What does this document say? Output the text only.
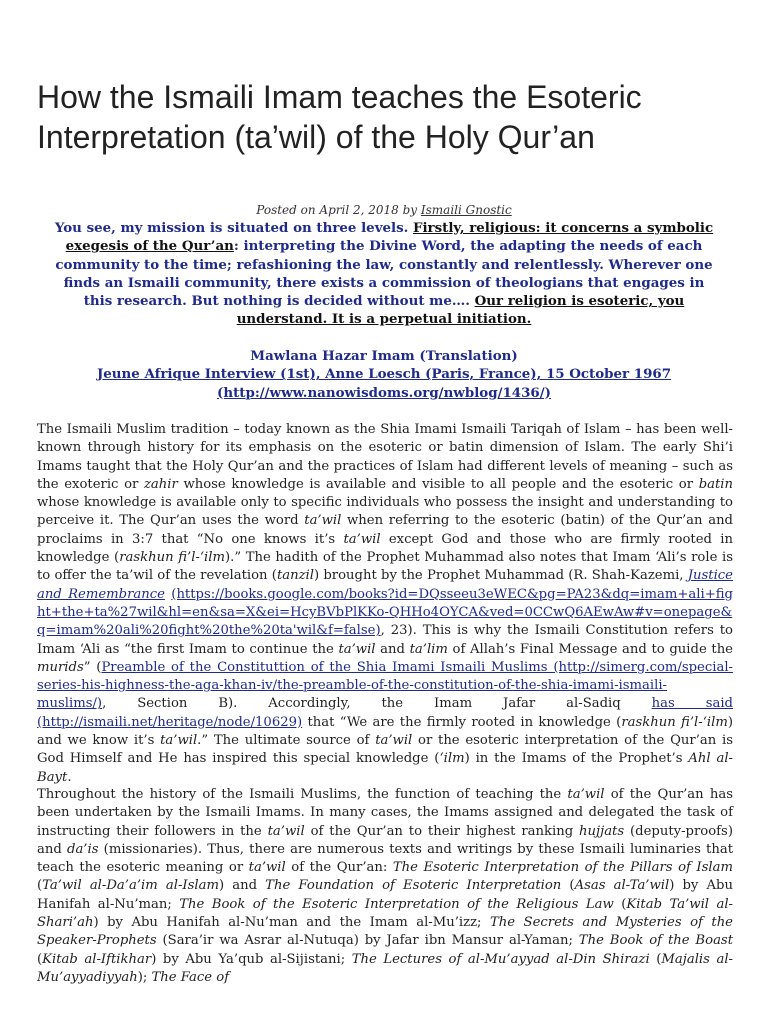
How the Ismaili Imam teaches the Esoteric Interpretation (ta’wil) of the Holy Qur’an
Posted on April 2, 2018 by Ismaili Gnostic
You see, my mission is situated on three levels. Firstly, religious: it concerns a symbolic exegesis of the Qur’an: interpreting the Divine Word, the adapting the needs of each community to the time; refashioning the law, constantly and relentlessly. Wherever one finds an Ismaili community, there exists a commission of theologians that engages in this research. But nothing is decided without me…. Our religion is esoteric, you understand. It is a perpetual initiation.
Mawlana Hazar Imam (Translation)
Jeune Afrique Interview (1st), Anne Loesch (Paris, France), 15 October 1967
(http://www.nanowisdoms.org/nwblog/1436/)

The Ismaili Muslim tradition – today known as the Shia Imami Ismaili Tariqah of Islam – has been well-known through history for its emphasis on the esoteric or batin dimension of Islam. The early Shi’i Imams taught that the Holy Qur’an and the practices of Islam had different levels of meaning – such as the exoteric or zahir whose knowledge is available and visible to all people and the esoteric or batin whose knowledge is available only to specific individuals who possess the insight and understanding to perceive it. The Qur’an uses the word ta’wil when referring to the esoteric (batin) of the Qur’an and proclaims in 3:7 that “No one knows it’s ta’wil except God and those who are firmly rooted in knowledge (raskhun fi’l-‘ilm).” The hadith of the Prophet Muhammad also notes that Imam ‘Ali’s role is to offer the ta’wil of the revelation (tanzil) brought by the Prophet Muhammad (R. Shah-Kazemi, Justice and Remembrance (https://books.google.com/books?id=DQsseeu3eWEC&pg=PA23&dq=imam+ali+fight+the+ta%27wil&hl=en&sa=X&ei=HcyBVbPlKKo-QHHo4OYCA&ved=0CCwQ6AEwAw#v=onepage&q=imam%20ali%20fight%20the%20ta'wil&f=false), 23). This is why the Ismaili Constitution refers to Imam ‘Ali as “the first Imam to continue the ta’wil and ta’lim of Allah’s Final Message and to guide the murids” (Preamble of the Constituttion of the Shia Imami Ismaili Muslims (http://simerg.com/special-series-his-highness-the-aga-khan-iv/the-preamble-of-the-constitution-of-the-shia-imami-ismaili-muslims/), Section B). Accordingly, the Imam Jafar al-Sadiq has said (http://ismaili.net/heritage/node/10629) that “We are the firmly rooted in knowledge (raskhun fi’l-‘ilm) and we know it’s ta’wil.” The ultimate source of ta’wil or the esoteric interpretation of the Qur’an is God Himself and He has inspired this special knowledge (‘ilm) in the Imams of the Prophet’s Ahl al-Bayt.

Throughout the history of the Ismaili Muslims, the function of teaching the ta’wil of the Qur’an has been undertaken by the Ismaili Imams. In many cases, the Imams assigned and delegated the task of instructing their followers in the ta’wil of the Qur’an to their highest ranking hujjats (deputy-proofs) and da’is (missionaries). Thus, there are numerous texts and writings by these Ismaili luminaries that teach the esoteric meaning or ta’wil of the Qur’an: The Esoteric Interpretation of the Pillars of Islam (Ta’wil al-Da’a’im al-Islam) and The Foundation of Esoteric Interpretation (Asas al-Ta’wil) by Abu Hanifah al-Nu’man; The Book of the Esoteric Interpretation of the Religious Law (Kitab Ta’wil al-Shari’ah) by Abu Hanifah al-Nu’man and the Imam al-Mu’izz; The Secrets and Mysteries of the Speaker-Prophets (Sara’ir wa Asrar al-Nutuqa) by Jafar ibn Mansur al-Yaman; The Book of the Boast (Kitab al-Iftikhar) by Abu Ya’qub al-Sijistani; The Lectures of al-Mu’ayyad al-Din Shirazi (Majalis al-Mu’ayyadiyyah); The Face of
